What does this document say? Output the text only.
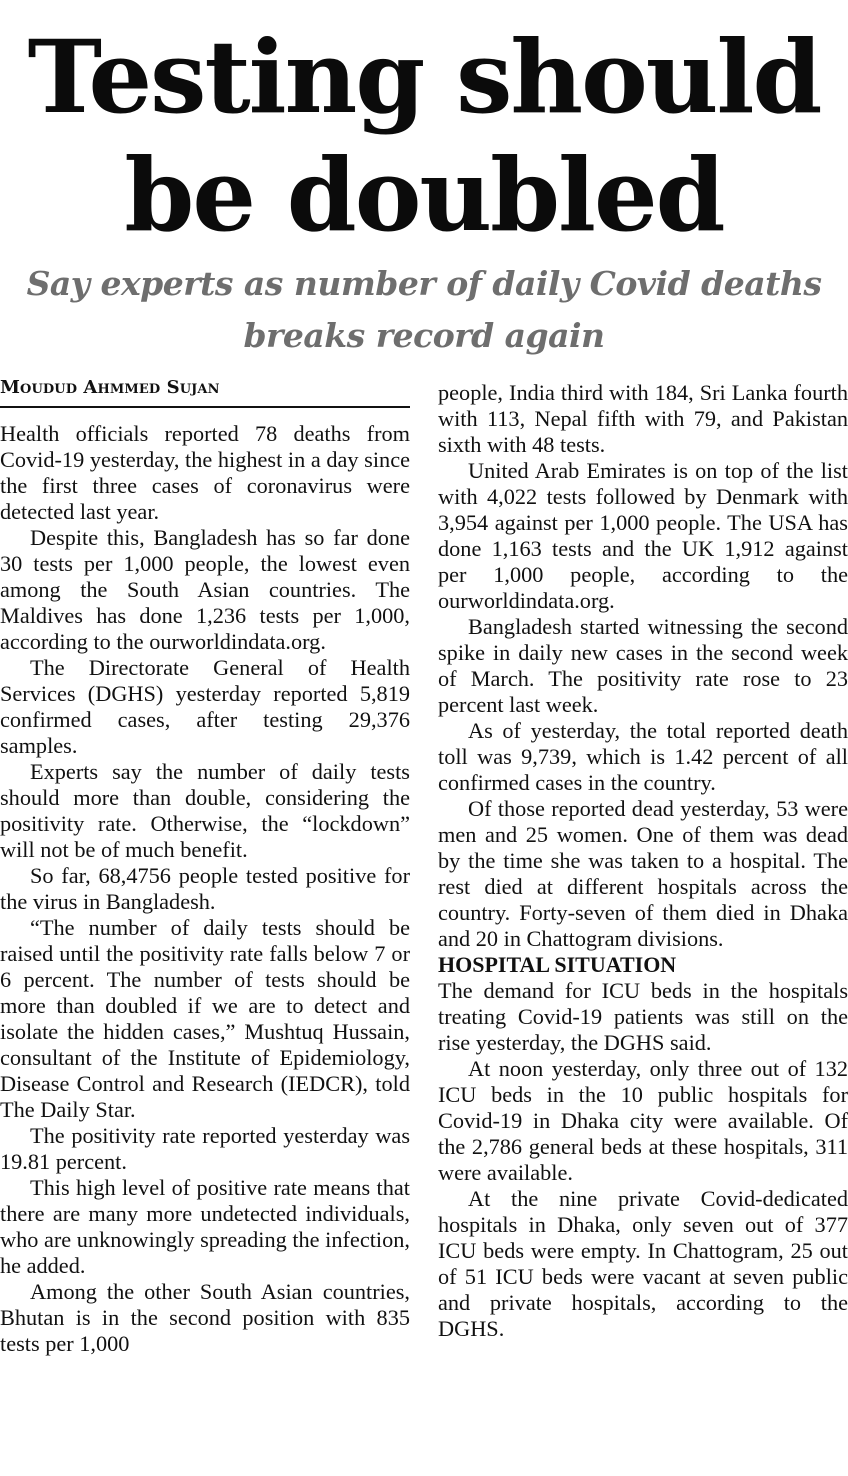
Testing should
be doubled
Say experts as number of daily Covid deaths
breaks record again
Moudud Ahmmed Sujan

Health officials reported 78 deaths from Covid-19 yesterday, the highest in a day since the first three cases of coronavirus were detected last year.

Despite this, Bangladesh has so far done 30 tests per 1,000 people, the lowest even among the South Asian countries. The Maldives has done 1,236 tests per 1,000, according to the ourworldindata.org.

The Directorate General of Health Services (DGHS) yesterday reported 5,819 confirmed cases, after testing 29,376 samples.

Experts say the number of daily tests should more than double, considering the positivity rate. Otherwise, the “lockdown” will not be of much benefit.

So far, 68,4756 people tested positive for the virus in Bangladesh.

“The number of daily tests should be raised until the positivity rate falls below 7 or 6 percent. The number of tests should be more than doubled if we are to detect and isolate the hidden cases,” Mushtuq Hussain, consultant of the Institute of Epidemiology, Disease Control and Research (IEDCR), told The Daily Star.

The positivity rate reported yesterday was 19.81 percent.

This high level of positive rate means that there are many more undetected individuals, who are unknowingly spreading the infection, he added.

Among the other South Asian countries, Bhutan is in the second position with 835 tests per 1,000

people, India third with 184, Sri Lanka fourth with 113, Nepal fifth with 79, and Pakistan sixth with 48 tests.

United Arab Emirates is on top of the list with 4,022 tests followed by Denmark with 3,954 against per 1,000 people. The USA has done 1,163 tests and the UK 1,912 against per 1,000 people, according to the ourworldindata.org.

Bangladesh started witnessing the second spike in daily new cases in the second week of March. The positivity rate rose to 23 percent last week.

As of yesterday, the total reported death toll was 9,739, which is 1.42 percent of all confirmed cases in the country.

Of those reported dead yesterday, 53 were men and 25 women. One of them was dead by the time she was taken to a hospital. The rest died at different hospitals across the country. Forty-seven of them died in Dhaka and 20 in Chattogram divisions.

HOSPITAL SITUATION

The demand for ICU beds in the hospitals treating Covid-19 patients was still on the rise yesterday, the DGHS said.

At noon yesterday, only three out of 132 ICU beds in the 10 public hospitals for Covid-19 in Dhaka city were available. Of the 2,786 general beds at these hospitals, 311 were available.

At the nine private Covid-dedicated hospitals in Dhaka, only seven out of 377 ICU beds were empty. In Chattogram, 25 out of 51 ICU beds were vacant at seven public and private hospitals, according to the DGHS.
